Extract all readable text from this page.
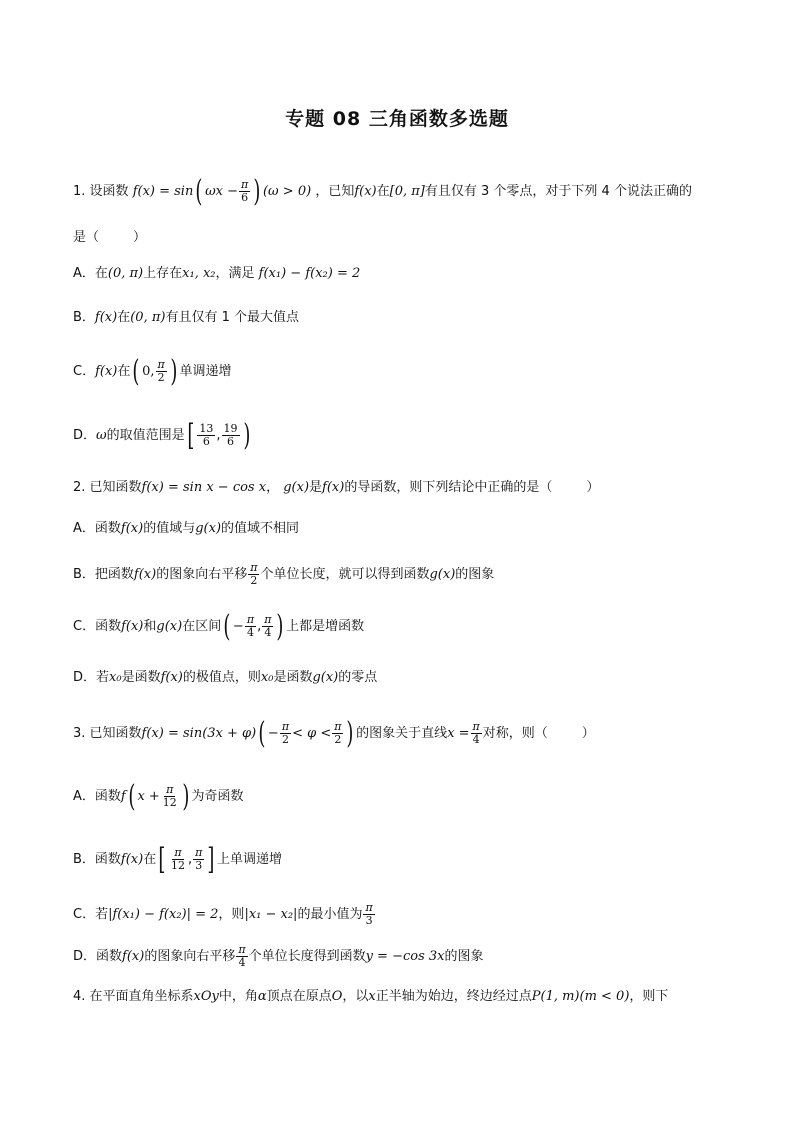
专题 08 三角函数多选题
1. 设函数 f(x) = sin( $\omega x - \frac{\pi}{6}$ ) (ω > 0) ，已知f(x)在[0, π]有且仅有 3 个零点，对于下列 4 个说法正确的
是（	）
A．在(0, π)上存在x₁, x₂，满足 f(x₁) − f(x₂) = 2
B．f(x)在(0, π)有且仅有 1 个最大值点
C．f(x)在( 0, $\frac{\pi}{2}$ ) 单调递增
D．ω的取值范围是[ $\frac{13}{6}$ , $\frac{19}{6}$ )
2. 已知函数f(x) = sin x − cos x， g(x)是f(x)的导函数，则下列结论中正确的是（	）
A．函数f(x)的值域与g(x)的值域不相同
B．把函数f(x)的图象向右平移 $\frac{\pi}{2}$ 个单位长度，就可以得到函数g(x)的图象
C．函数f(x)和g(x)在区间( − $\frac{\pi}{4}$ , $\frac{\pi}{4}$ ) 上都是增函数
D．若x₀是函数f(x)的极值点，则x₀是函数g(x)的零点
3. 已知函数$f(x) = \sin(3x + \varphi)( - \frac{\pi}{2} < \varphi < \frac{\pi}{2}$ ) 的图象关于直线$x = \frac{\pi}{4}$ 对称，则（	）
A．函数f( $x + \frac{\pi}{12}$ ) 为奇函数
B．函数f(x)在[ $\frac{\pi}{12}$ , $\frac{\pi}{3}$ ] 上单调递增
C．若|f(x₁) − f(x₂)| = 2，则|x₁ − x₂|的最小值为 $\frac{\pi}{3}$
D．函数f(x)的图象向右平移 $\frac{\pi}{4}$ 个单位长度得到函数y = −cos 3x的图象
4. 在平面直角坐标系xOy中，角α顶点在原点O，以x正半轴为始边，终边经过点P(1, m)(m < 0)，则下
